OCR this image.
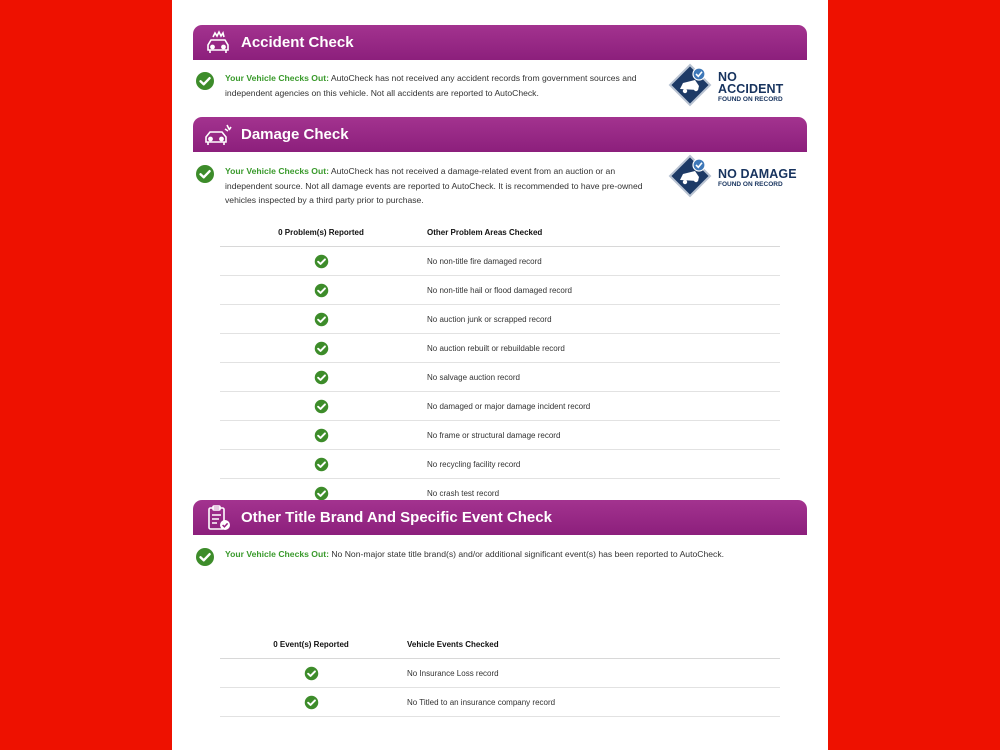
Accident Check
Your Vehicle Checks Out: AutoCheck has not received any accident records from government sources and independent agencies on this vehicle. Not all accidents are reported to AutoCheck.
NO ACCIDENT
FOUND ON RECORD
Damage Check
Your Vehicle Checks Out: AutoCheck has not received a damage-related event from an auction or an independent source. Not all damage events are reported to AutoCheck. It is recommended to have pre-owned vehicles inspected by a third party prior to purchase.
NO DAMAGE
FOUND ON RECORD
0 Problem(s) Reported	Other Problem Areas Checked
	No non-title fire damaged record
	No non-title hail or flood damaged record
	No auction junk or scrapped record
	No auction rebuilt or rebuildable record
	No salvage auction record
	No damaged or major damage incident record
	No frame or structural damage record
	No recycling facility record
	No crash test record
Other Title Brand And Specific Event Check
Your Vehicle Checks Out: No Non-major state title brand(s) and/or additional significant event(s) has been reported to AutoCheck.
0 Event(s) Reported	Vehicle Events Checked
	No Insurance Loss record
	No Titled to an insurance company record
